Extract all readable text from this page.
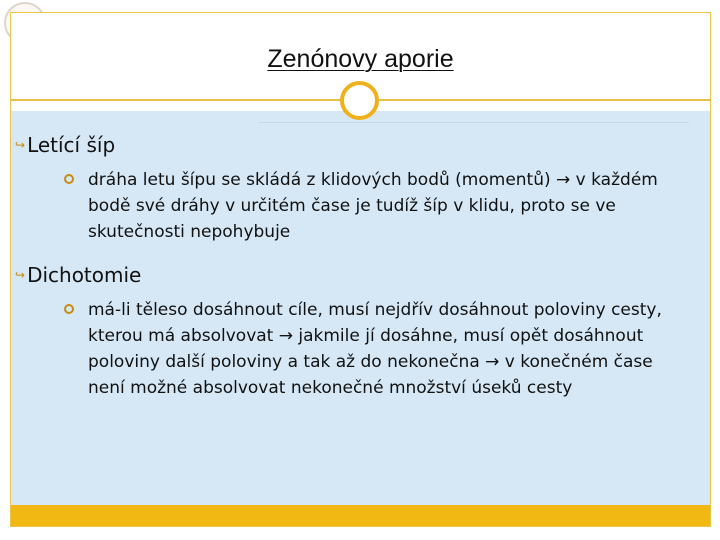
Zenónovy aporie
↪ Letící šíp
dráha letu šípu se skládá z klidových bodů (momentů) → v každém bodě své dráhy v určitém čase je tudíž šíp v klidu, proto se ve skutečnosti nepohybuje
↪ Dichotomie
má-li těleso dosáhnout cíle, musí nejdřív dosáhnout poloviny cesty, kterou má absolvovat → jakmile jí dosáhne, musí opět dosáhnout poloviny další poloviny a tak až do nekonečna → v konečném čase není možné absolvovat nekonečné množství úseků cesty
